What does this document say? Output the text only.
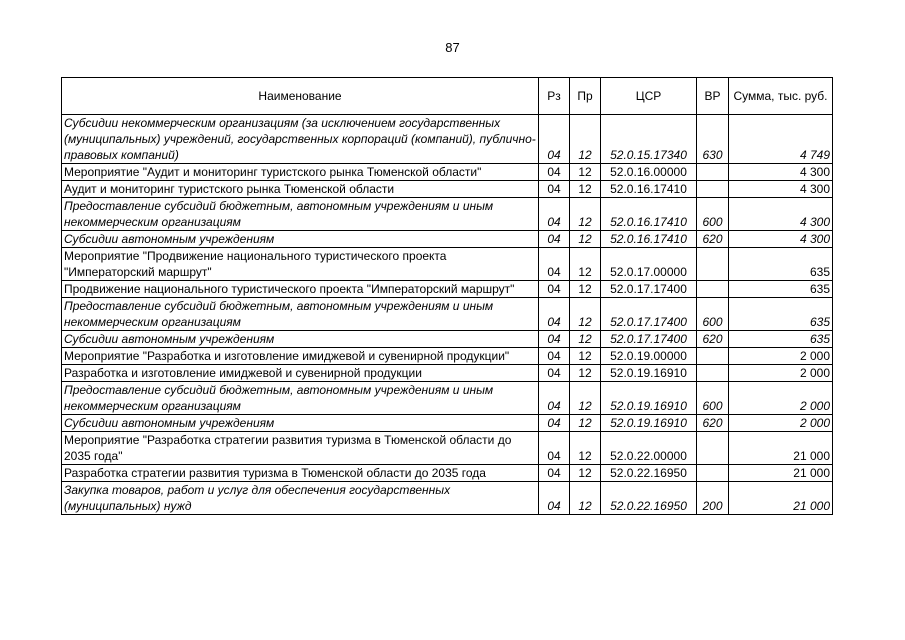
87
Наименование	Рз	Пр	ЦСР	ВР	Сумма, тыс. руб.
Субсидии некоммерческим организациям (за исключением государственных (муниципальных) учреждений, государственных корпораций (компаний), публично-правовых компаний)	04	12	52.0.15.17340	630	4 749
Мероприятие "Аудит и мониторинг туристского рынка Тюменской области"	04	12	52.0.16.00000		4 300
Аудит и мониторинг туристского рынка Тюменской области	04	12	52.0.16.17410		4 300
Предоставление субсидий бюджетным, автономным учреждениям и иным некоммерческим организациям	04	12	52.0.16.17410	600	4 300
Субсидии автономным учреждениям	04	12	52.0.16.17410	620	4 300
Мероприятие "Продвижение национального туристического проекта "Императорский маршрут"	04	12	52.0.17.00000		635
Продвижение национального туристического проекта "Императорский маршрут"	04	12	52.0.17.17400		635
Предоставление субсидий бюджетным, автономным учреждениям и иным некоммерческим организациям	04	12	52.0.17.17400	600	635
Субсидии автономным учреждениям	04	12	52.0.17.17400	620	635
Мероприятие "Разработка и изготовление имиджевой и сувенирной продукции"	04	12	52.0.19.00000		2 000
Разработка и изготовление имиджевой и сувенирной продукции	04	12	52.0.19.16910		2 000
Предоставление субсидий бюджетным, автономным учреждениям и иным некоммерческим организациям	04	12	52.0.19.16910	600	2 000
Субсидии автономным учреждениям	04	12	52.0.19.16910	620	2 000
Мероприятие "Разработка стратегии развития туризма в Тюменской области до 2035 года"	04	12	52.0.22.00000		21 000
Разработка стратегии развития туризма в Тюменской области до 2035 года	04	12	52.0.22.16950		21 000
Закупка товаров, работ и услуг для обеспечения государственных (муниципальных) нужд	04	12	52.0.22.16950	200	21 000
